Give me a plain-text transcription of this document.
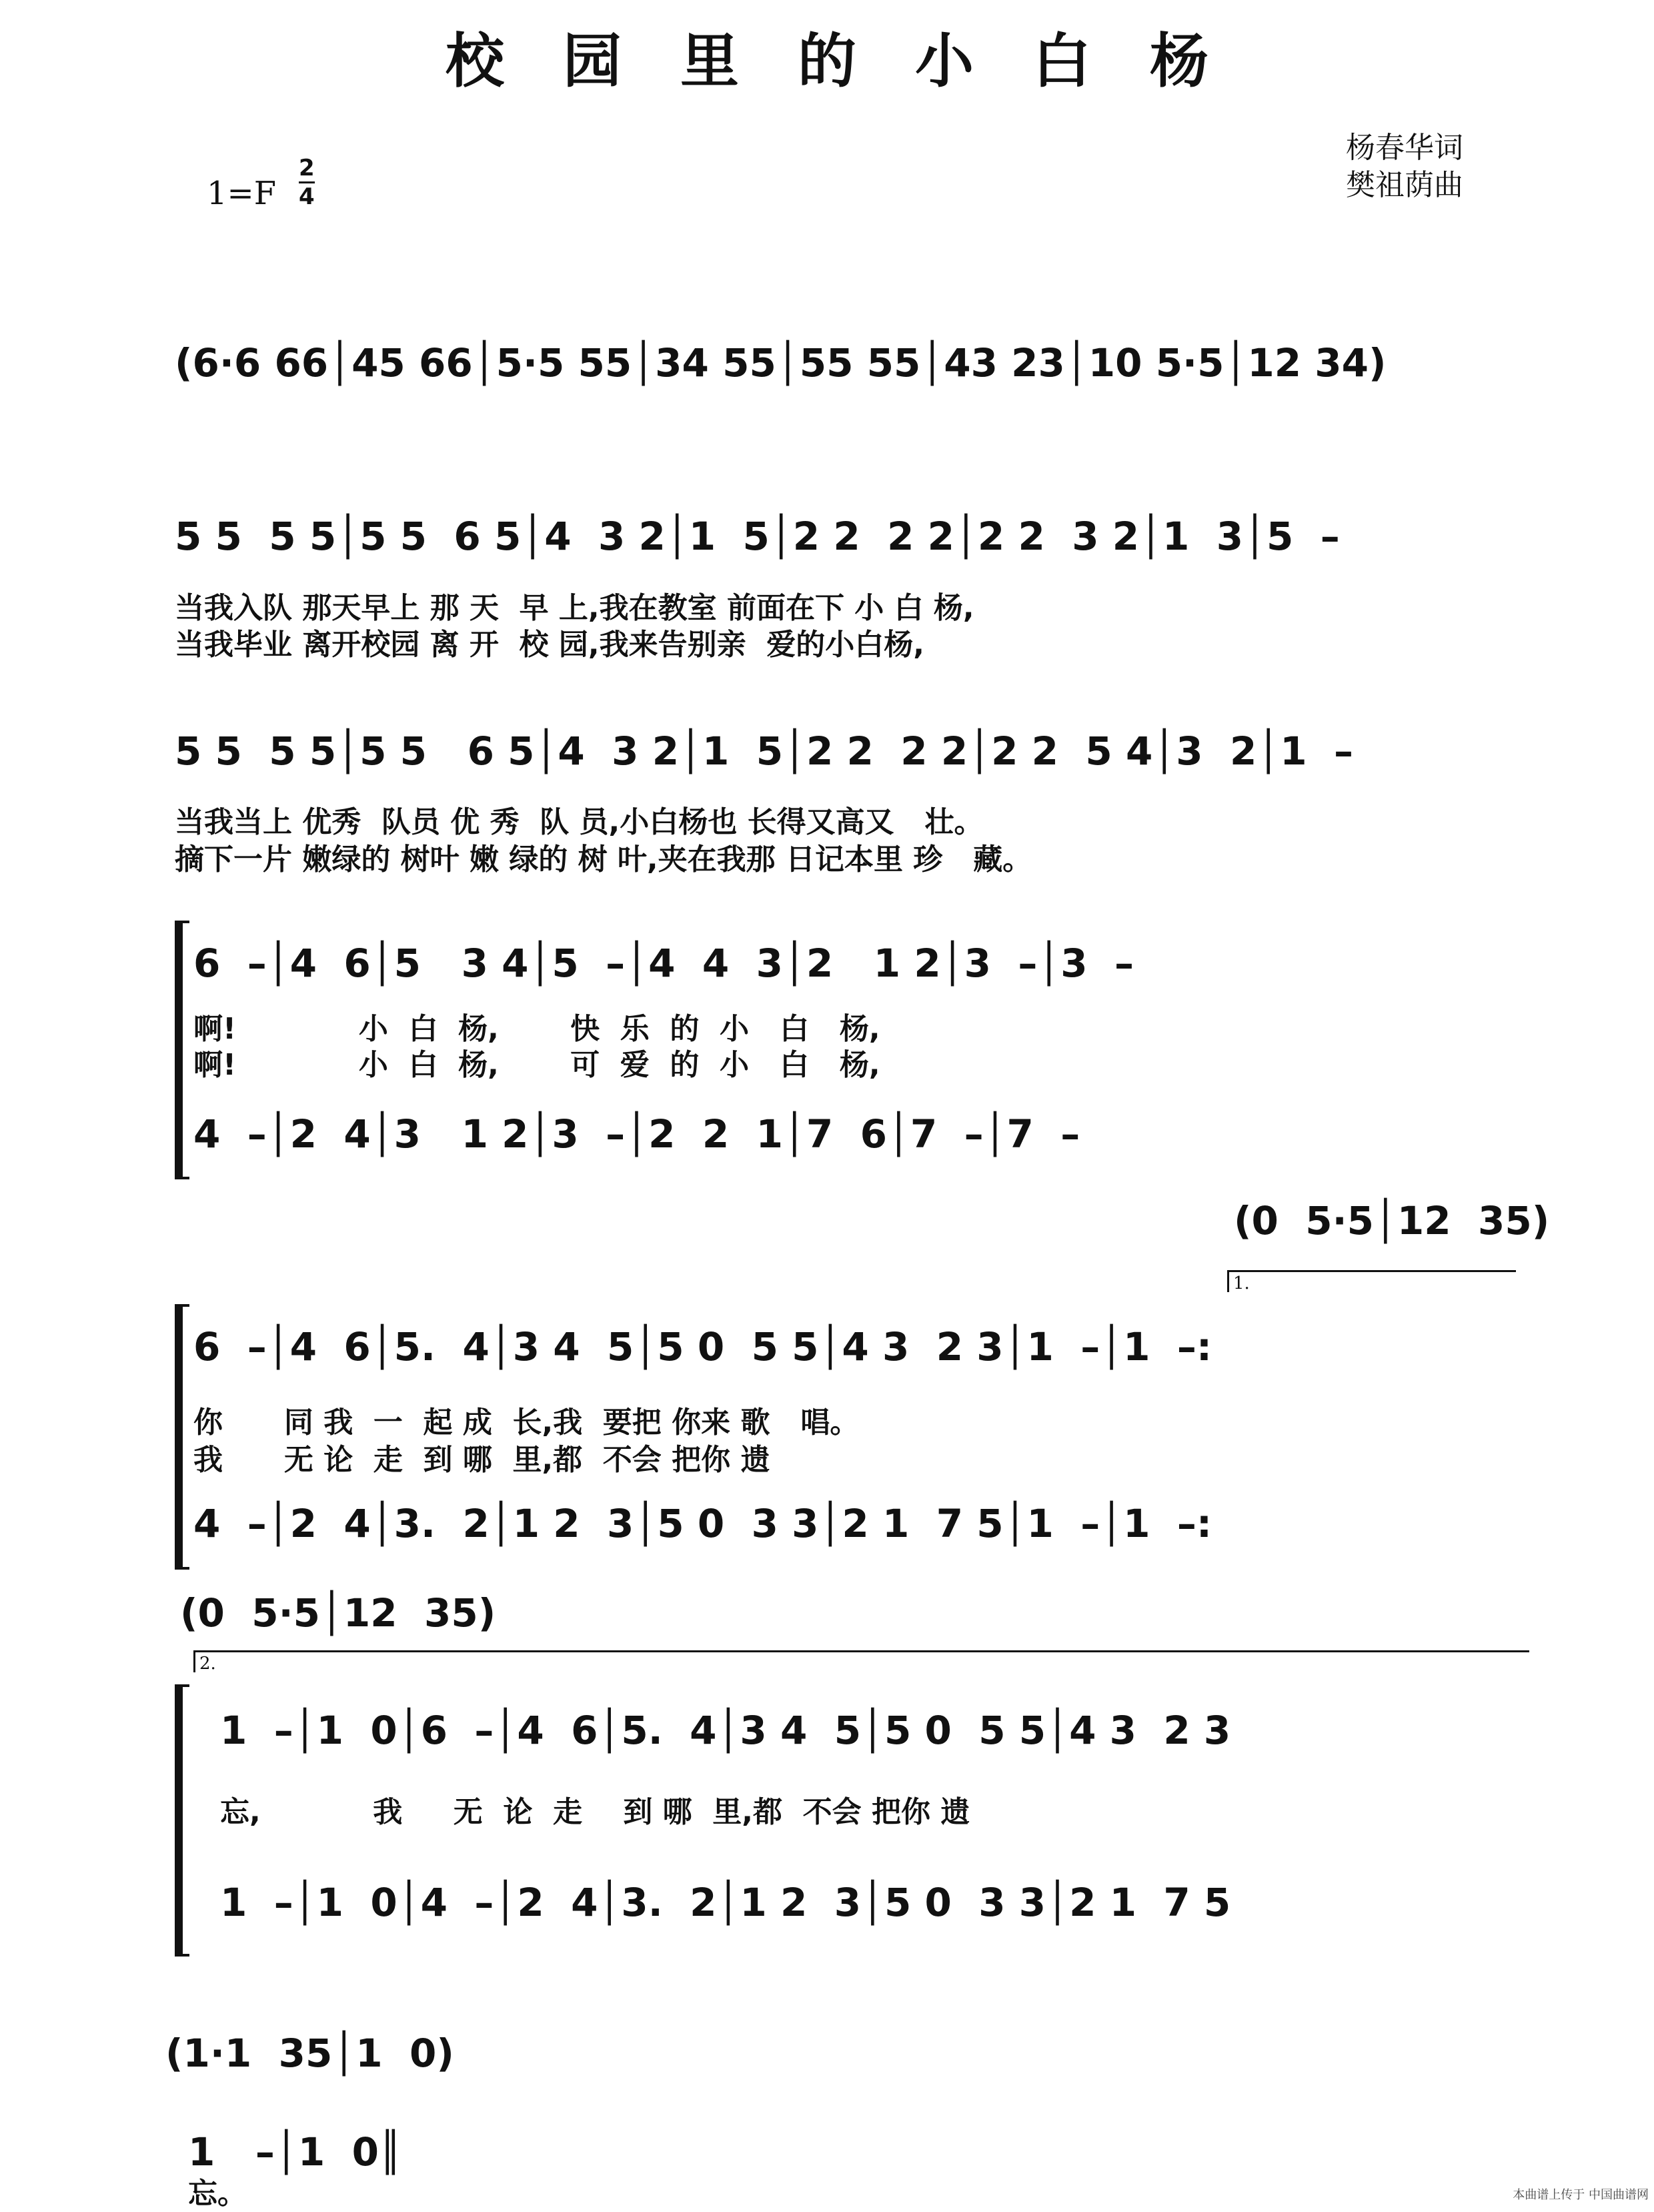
校园里的小白杨
1=F
2
4
杨春华词
樊祖荫曲
(6·6 66│45 66│5·5 55│34 55│55 55│43 23│10 5·5│12 34)
5 5  5 5│5 5  6 5│4  3 2│1  5│2 2  2 2│2 2  3 2│1  3│5  –
当我入队 那天早上 那 天  早 上,我在教室 前面在下 小 白 杨,
当我毕业 离开校园 离 开  校 园,我来告别亲  爱的小白杨,
5 5  5 5│5 5   6 5│4  3 2│1  5│2 2  2 2│2 2  5 4│3  2│1  –
当我当上 优秀  队员 优 秀  队 员,小白杨也 长得又高又   壮。
摘下一片 嫩绿的 树叶 嫩 绿的 树 叶,夹在我那 日记本里 珍   藏。
6  –│4  6│5   3 4│5  –│4  4  3│2   1 2│3  –│3  –
啊!            小  白  杨,       快  乐  的  小   白   杨,
啊!            小  白  杨,       可  爱  的  小   白   杨,
4  –│2  4│3   1 2│3  –│2  2  1│7  6│7  –│7  –
(0  5·5│12  35)
1.
6  –│4  6│5.  4│3 4  5│5 0  5 5│4 3  2 3│1  –│1  –:
你      同 我  一  起 成  长,我  要把 你来 歌   唱。
我      无 论  走  到 哪  里,都  不会 把你 遗
4  –│2  4│3.  2│1 2  3│5 0  3 3│2 1  7 5│1  –│1  –:
(0  5·5│12  35)
2.
1  –│1  0│6  –│4  6│5.  4│3 4  5│5 0  5 5│4 3  2 3
忘,           我     无  论  走    到 哪  里,都  不会 把你 遗
1  –│1  0│4  –│2  4│3.  2│1 2  3│5 0  3 3│2 1  7 5
(1·1  35│1  0)
1   –│1  0║
忘。	本曲谱上传于 中国曲谱网
